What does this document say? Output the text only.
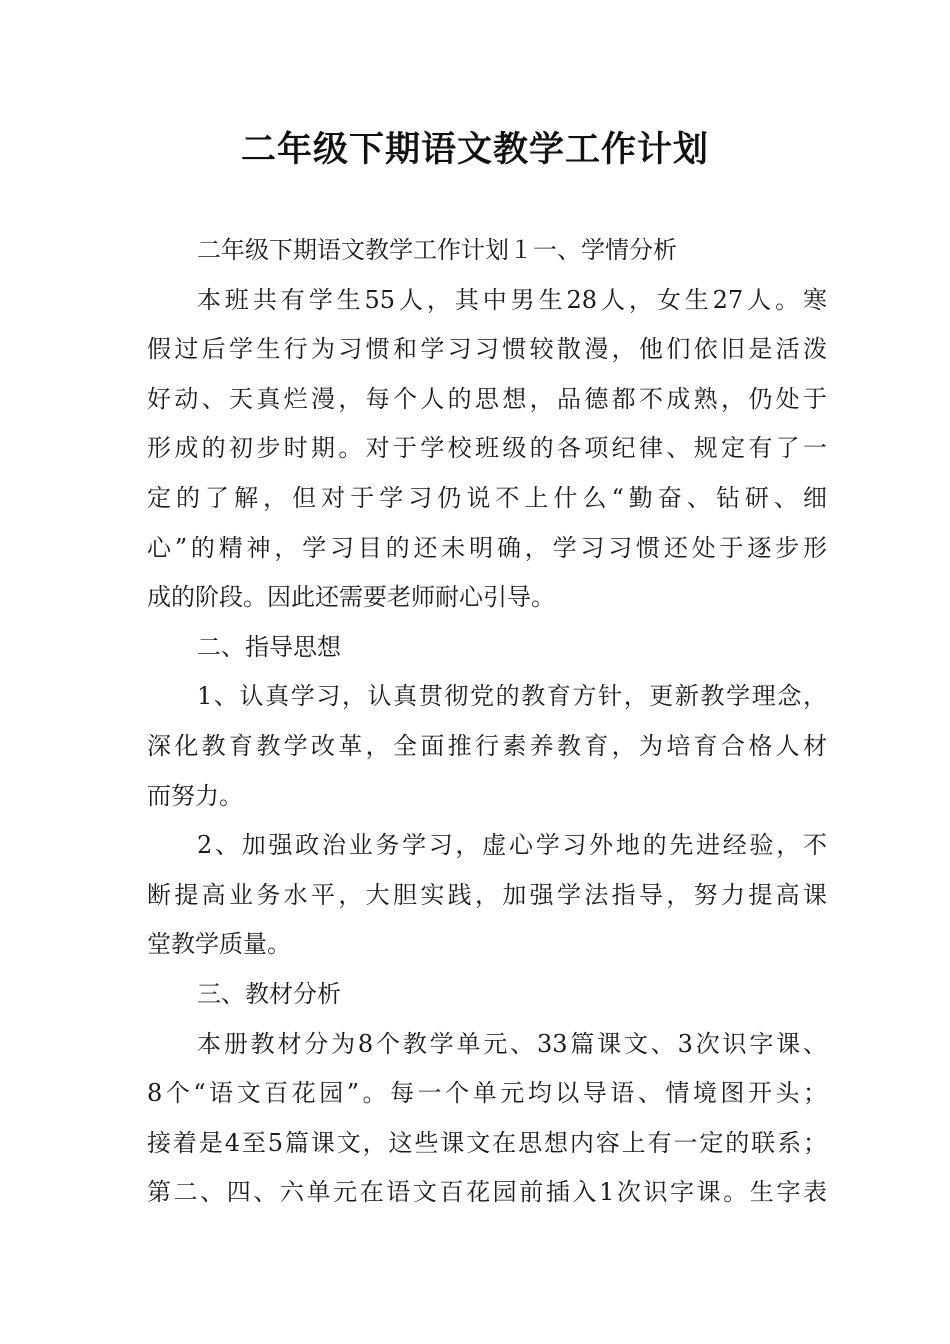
二年级下期语文教学工作计划
二年级下期语文教学工作计划１一、学情分析
本班共有学生55人，其中男生28人，女生27人。寒
假过后学生行为习惯和学习习惯较散漫，他们依旧是活泼
好动、天真烂漫，每个人的思想，品德都不成熟，仍处于
形成的初步时期。对于学校班级的各项纪律、规定有了一
定的了解，但对于学习仍说不上什么“勤奋、钻研、细
心”的精神，学习目的还未明确，学习习惯还处于逐步形
成的阶段。因此还需要老师耐心引导。
二、指导思想
1、认真学习，认真贯彻党的教育方针，更新教学理念，
深化教育教学改革，全面推行素养教育，为培育合格人材
而努力。
2、加强政治业务学习，虚心学习外地的先进经验，不
断提高业务水平，大胆实践，加强学法指导，努力提高课
堂教学质量。
三、教材分析
本册教材分为8个教学单元、33篇课文、3次识字课、
8个“语文百花园”。每一个单元均以导语、情境图开头；
接着是4至5篇课文，这些课文在思想内容上有一定的联系；
第二、四、六单元在语文百花园前插入1次识字课。生字表
